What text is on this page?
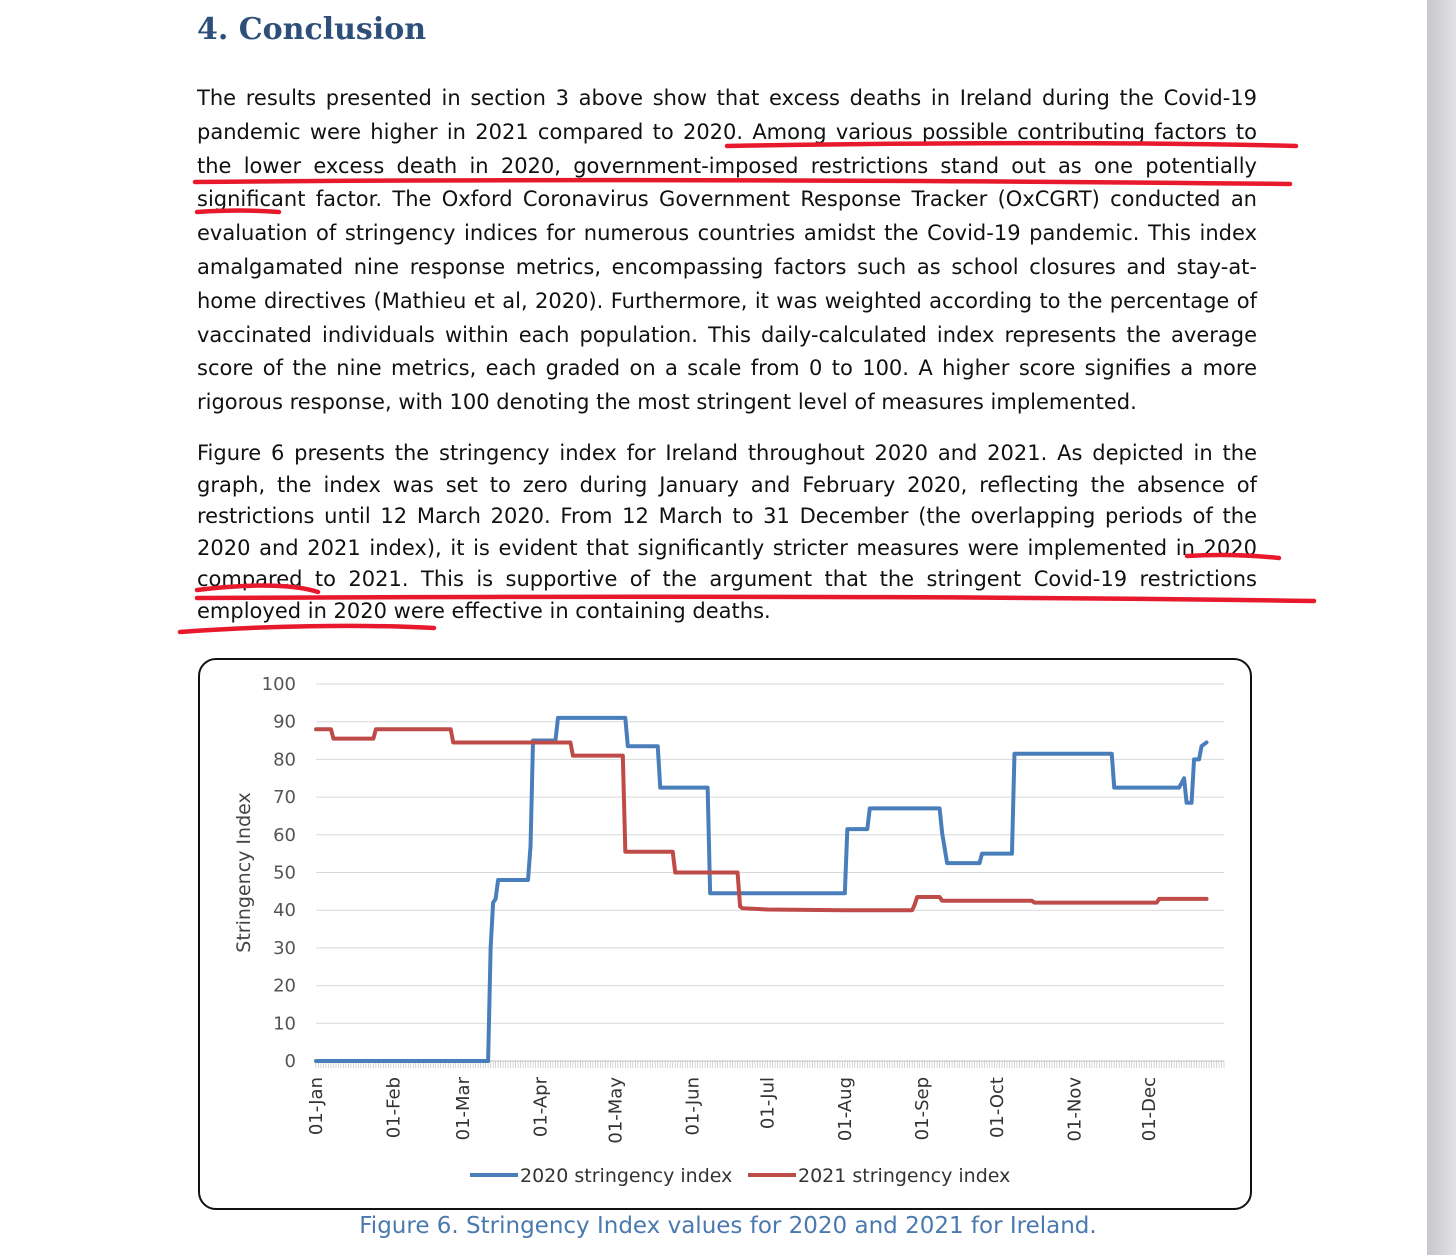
4. Conclusion

The results presented in section 3 above show that excess deaths in Ireland during the Covid-19 pandemic were higher in 2021 compared to 2020. Among various possible contributing factors to the lower excess death in 2020, government-imposed restrictions stand out as one potentially significant factor. The Oxford Coronavirus Government Response Tracker (OxCGRT) conducted an evaluation of stringency indices for numerous countries amidst the Covid-19 pandemic. This index amalgamated nine response metrics, encompassing factors such as school closures and stay-at-home directives (Mathieu et al, 2020). Furthermore, it was weighted according to the percentage of vaccinated individuals within each population. This daily-calculated index represents the average score of the nine metrics, each graded on a scale from 0 to 100. A higher score signifies a more rigorous response, with 100 denoting the most stringent level of measures implemented.

Figure 6 presents the stringency index for Ireland throughout 2020 and 2021. As depicted in the graph, the index was set to zero during January and February 2020, reflecting the absence of restrictions until 12 March 2020. From 12 March to 31 December (the overlapping periods of the 2020 and 2021 index), it is evident that significantly stricter measures were implemented in 2020 compared to 2021. This is supportive of the argument that the stringent Covid-19 restrictions employed in 2020 were effective in containing deaths.

0
10
20
30
40
50
60
70
80
90
100
01-Jan	01-Feb	01-Mar	01-Apr	01-May	01-Jun	01-Jul	01-Aug	01-Sep	01-Oct	01-Nov	01-Dec
Stringency Index
2020 stringency index	2021 stringency index
Figure 6. Stringency Index values for 2020 and 2021 for Ireland.
